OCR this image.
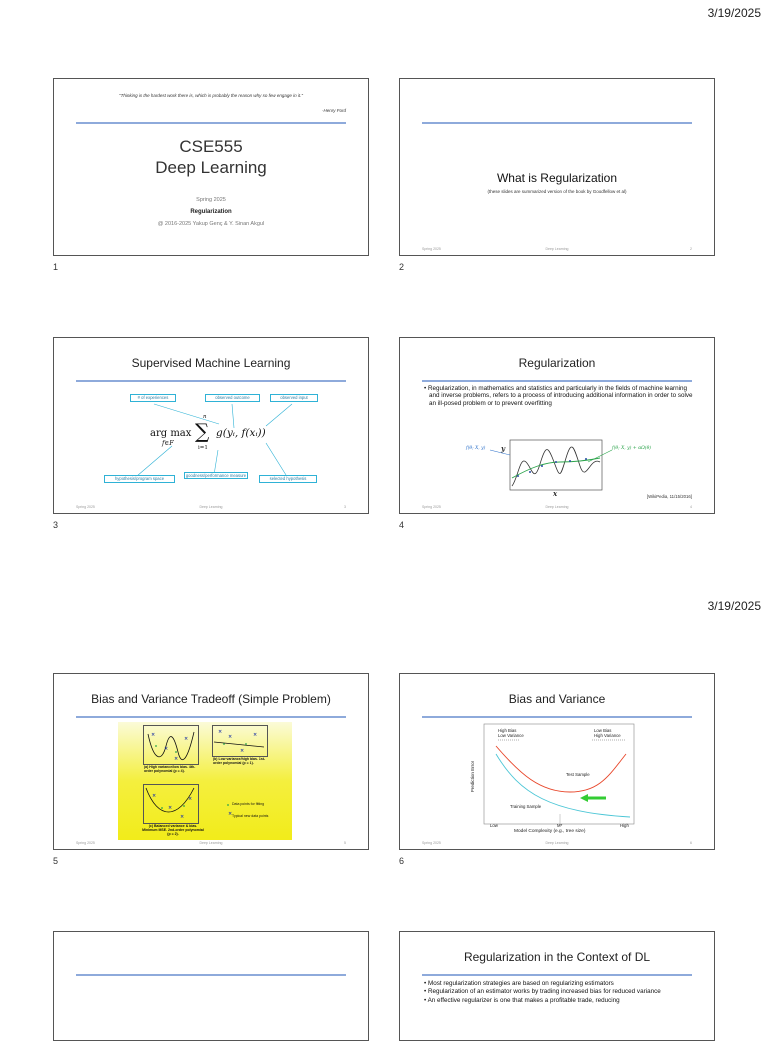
3/19/2025
3/19/2025
"Thinking is the hardest work there is, which is probably the reason why so few engage in it."
-Henry Ford
CSE555
Deep Learning
Spring 2025
Regularization
@ 2016-2025 Yakup Genç & Y. Sinan Akgul
1
What is Regularization
(these slides are summarized version of the book by Goodfellow et al)
Spring 2025	Deep Learning	2
2
Supervised Machine Learning
# of experiences	observed outcome	observed input
hypothesis/program space
goodness/performance measure
selected hypothesis
arg max
f∈F
n
∑
i=1
g(yᵢ, f(xᵢ))
Spring 2025	Deep Learning	3
3
Regularization
• Regularization, in mathematics and statistics and particularly in the fields of machine learning and inverse problems, refers to a process of introducing additional information in order to solve an ill-posed problem or to prevent overfitting
f(θ; X, y)	f(θ; X, y) + αΩ(θ)
y
x	[WikiPedia, 11/15/2016]
Spring 2025	Deep Learning	4
4
Bias and Variance Tradeoff (Simple Problem)
×
×
×
×
×
×
×
×
×
×
×
×
×
(a) High variance/low bias. 4th-order polynomial (p = 4).
(b) Low variance/high bias. 1st-order polynomial (p = 1).
(c) Balanced variance & bias. Minimum MSE. 2nd-order polynomial (p = 2).
Data points for fitting
Typical new data points
Spring 2025	Deep Learning	5
5
Bias and Variance
High Bias
Low Variance
Low Bias
High Variance
Prediction Error	Test Sample
Training Sample
Low	M*	High
Model Complexity (e.g., tree size)
Spring 2025	Deep Learning	6
6
Regularization in the Context of DL
• Most regularization strategies are based on regularizing estimators
• Regularization of an estimator works by trading increased bias for reduced variance
• An effective regularizer is one that makes a profitable trade, reducing
